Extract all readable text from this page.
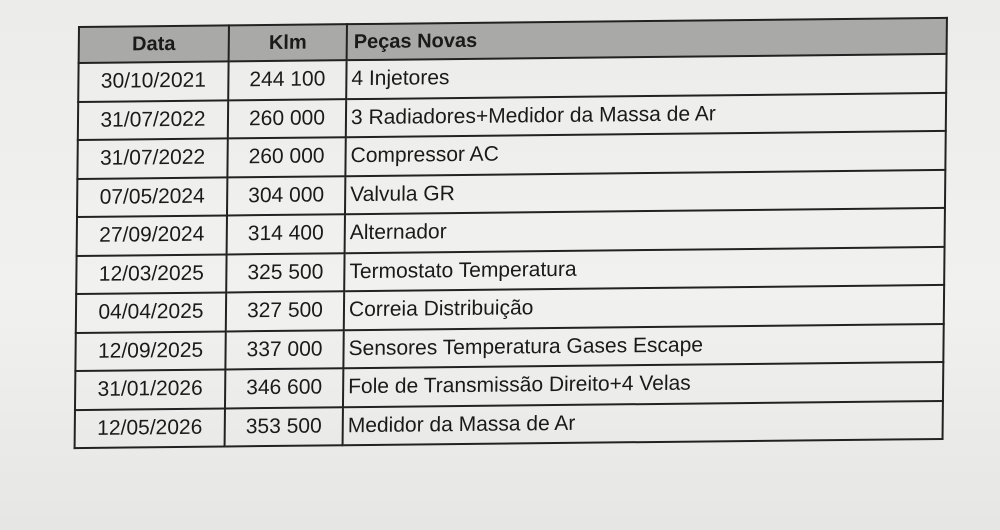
Data	Klm	Peças Novas
30/10/2021	244 100	4 Injetores
31/07/2022	260 000	3 Radiadores+Medidor da Massa de Ar
31/07/2022	260 000	Compressor AC
07/05/2024	304 000	Valvula GR
27/09/2024	314 400	Alternador
12/03/2025	325 500	Termostato Temperatura
04/04/2025	327 500	Correia Distribuição
12/09/2025	337 000	Sensores Temperatura Gases Escape
31/01/2026	346 600	Fole de Transmissão Direito+4 Velas
12/05/2026	353 500	Medidor da Massa de Ar
